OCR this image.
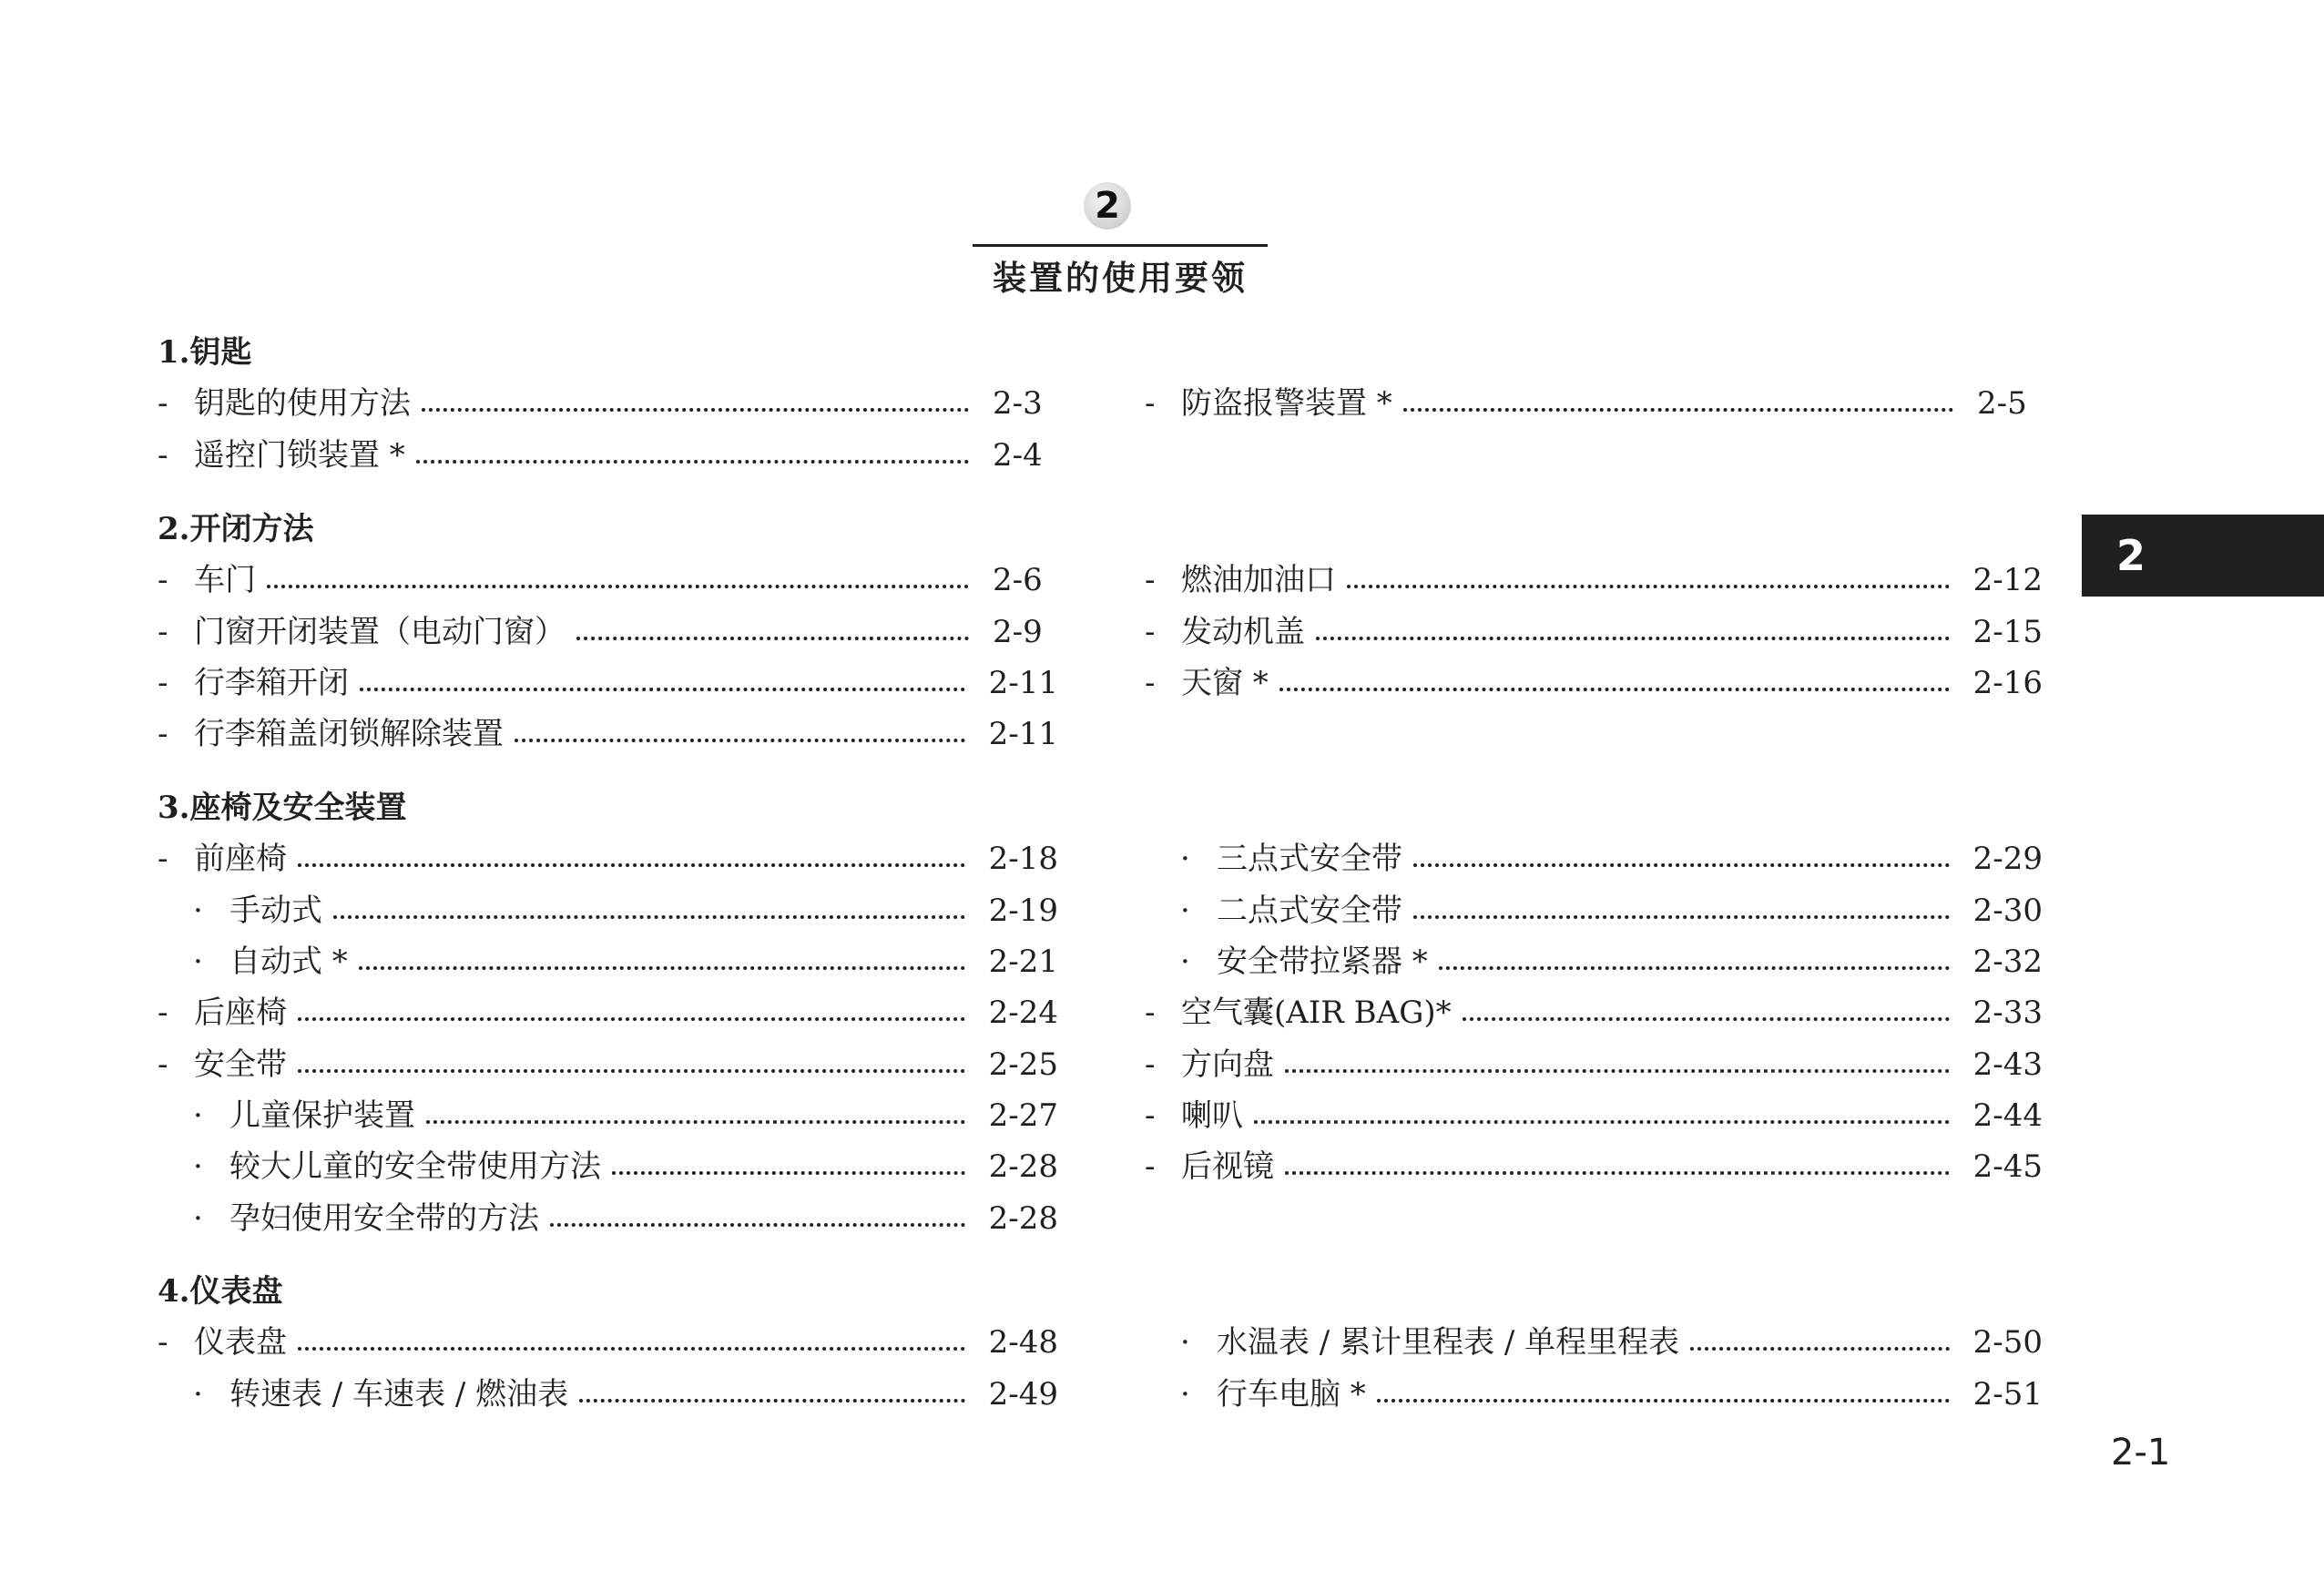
2
装置的使用要领
1.钥匙
- 钥匙的使用方法	2-3
- 遥控门锁装置 *	2-4
- 防盗报警装置 *	2-5
2.开闭方法
- 车门	2-6
- 门窗开闭装置（电动门窗）	2-9
- 行李箱开闭	2-11
- 行李箱盖闭锁解除装置	2-11
- 燃油加油口	2-12
- 发动机盖	2-15
- 天窗 *	2-16
3.座椅及安全装置
- 前座椅	2-18
· 手动式	2-19
· 自动式 *	2-21
- 后座椅	2-24
- 安全带	2-25
· 儿童保护装置	2-27
· 较大儿童的安全带使用方法	2-28
· 孕妇使用安全带的方法	2-28
· 三点式安全带	2-29
· 二点式安全带	2-30
· 安全带拉紧器 *	2-32
- 空气囊(AIR BAG)*	2-33
- 方向盘	2-43
- 喇叭	2-44
- 后视镜	2-45
4.仪表盘
- 仪表盘	2-48
· 转速表 / 车速表 / 燃油表	2-49
· 水温表 / 累计里程表 / 单程里程表	2-50
· 行车电脑 *	2-51
2
2-1
